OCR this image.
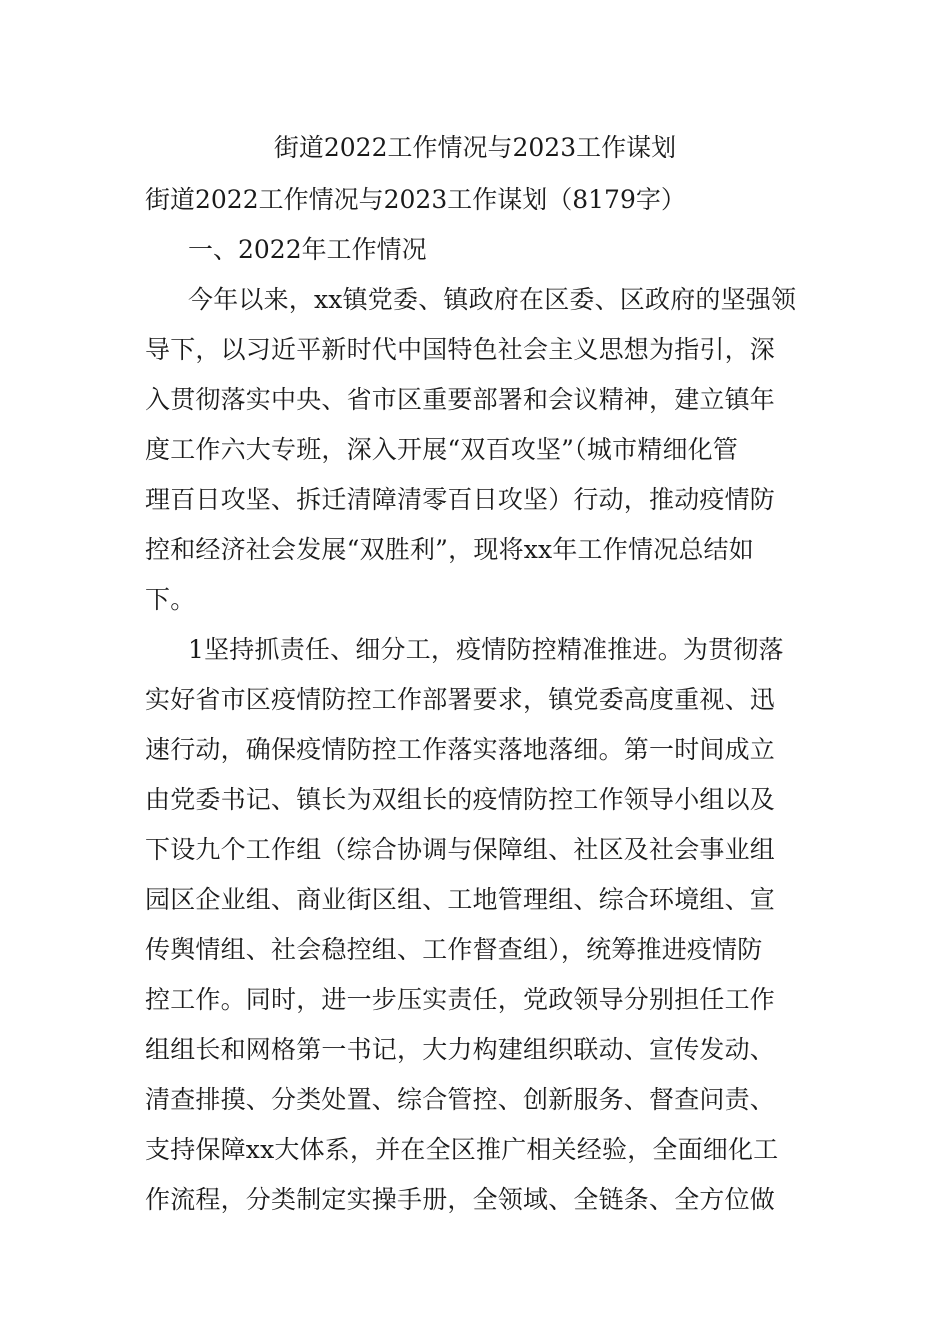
街道2022工作情况与2023工作谋划
街道2022工作情况与2023工作谋划（8179字）
一、2022年工作情况
今年以来，xx镇党委、镇政府在区委、区政府的坚强领
导下，以习近平新时代中国特色社会主义思想为指引，深
入贯彻落实中央、省市区重要部署和会议精神，建立镇年
度工作六大专班，深入开展“双百攻坚”（城市精细化管
理百日攻坚、拆迁清障清零百日攻坚）行动，推动疫情防
控和经济社会发展“双胜利”，现将xx年工作情况总结如
下。
1坚持抓责任、细分工，疫情防控精准推进。为贯彻落
实好省市区疫情防控工作部署要求，镇党委高度重视、迅
速行动，确保疫情防控工作落实落地落细。第一时间成立
由党委书记、镇长为双组长的疫情防控工作领导小组以及
下设九个工作组（综合协调与保障组、社区及社会事业组
园区企业组、商业街区组、工地管理组、综合环境组、宣
传舆情组、社会稳控组、工作督查组），统筹推进疫情防
控工作。同时，进一步压实责任，党政领导分别担任工作
组组长和网格第一书记，大力构建组织联动、宣传发动、
清查排摸、分类处置、综合管控、创新服务、督查问责、
支持保障xx大体系，并在全区推广相关经验，全面细化工
作流程，分类制定实操手册，全领域、全链条、全方位做
